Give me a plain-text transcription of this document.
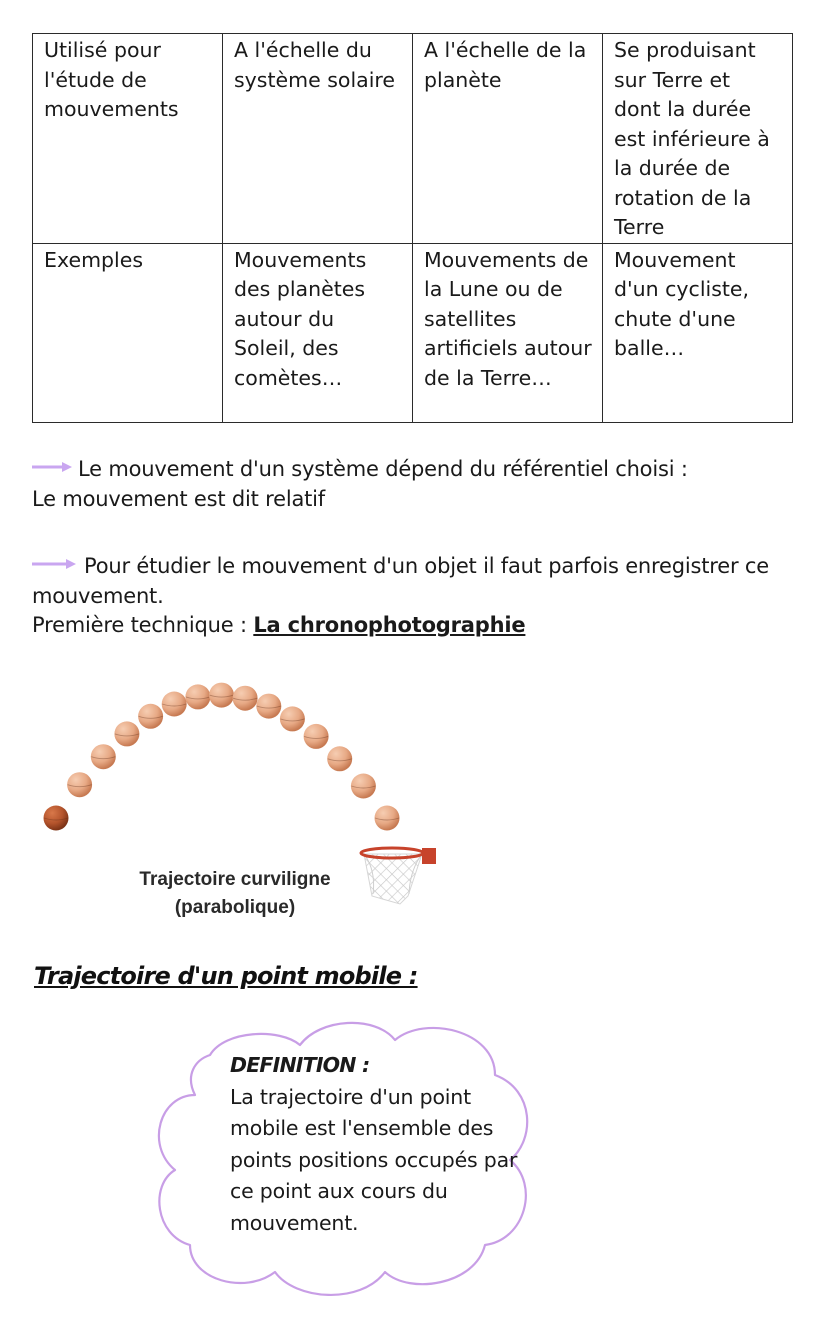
Utilisé pour l'étude de mouvements	A l'échelle du système solaire	A l'échelle de la planète	Se produisant sur Terre et dont la durée est inférieure à la durée de rotation de la Terre
Exemples	Mouvements des planètes autour du Soleil, des comètes…	Mouvements de la Lune ou de satellites artificiels autour de la Terre…	Mouvement d'un cycliste, chute d'une balle…
Le mouvement d'un système dépend du référentiel choisi :
Le mouvement est dit relatif
Pour étudier le mouvement d'un objet il faut parfois enregistrer ce
mouvement.
Première technique : La chronophotographie
Trajectoire curviligne
(parabolique)
Trajectoire d'un point mobile :
DEFINITION :
La trajectoire d'un point mobile est l'ensemble des points positions occupés par ce point aux cours du mouvement.
